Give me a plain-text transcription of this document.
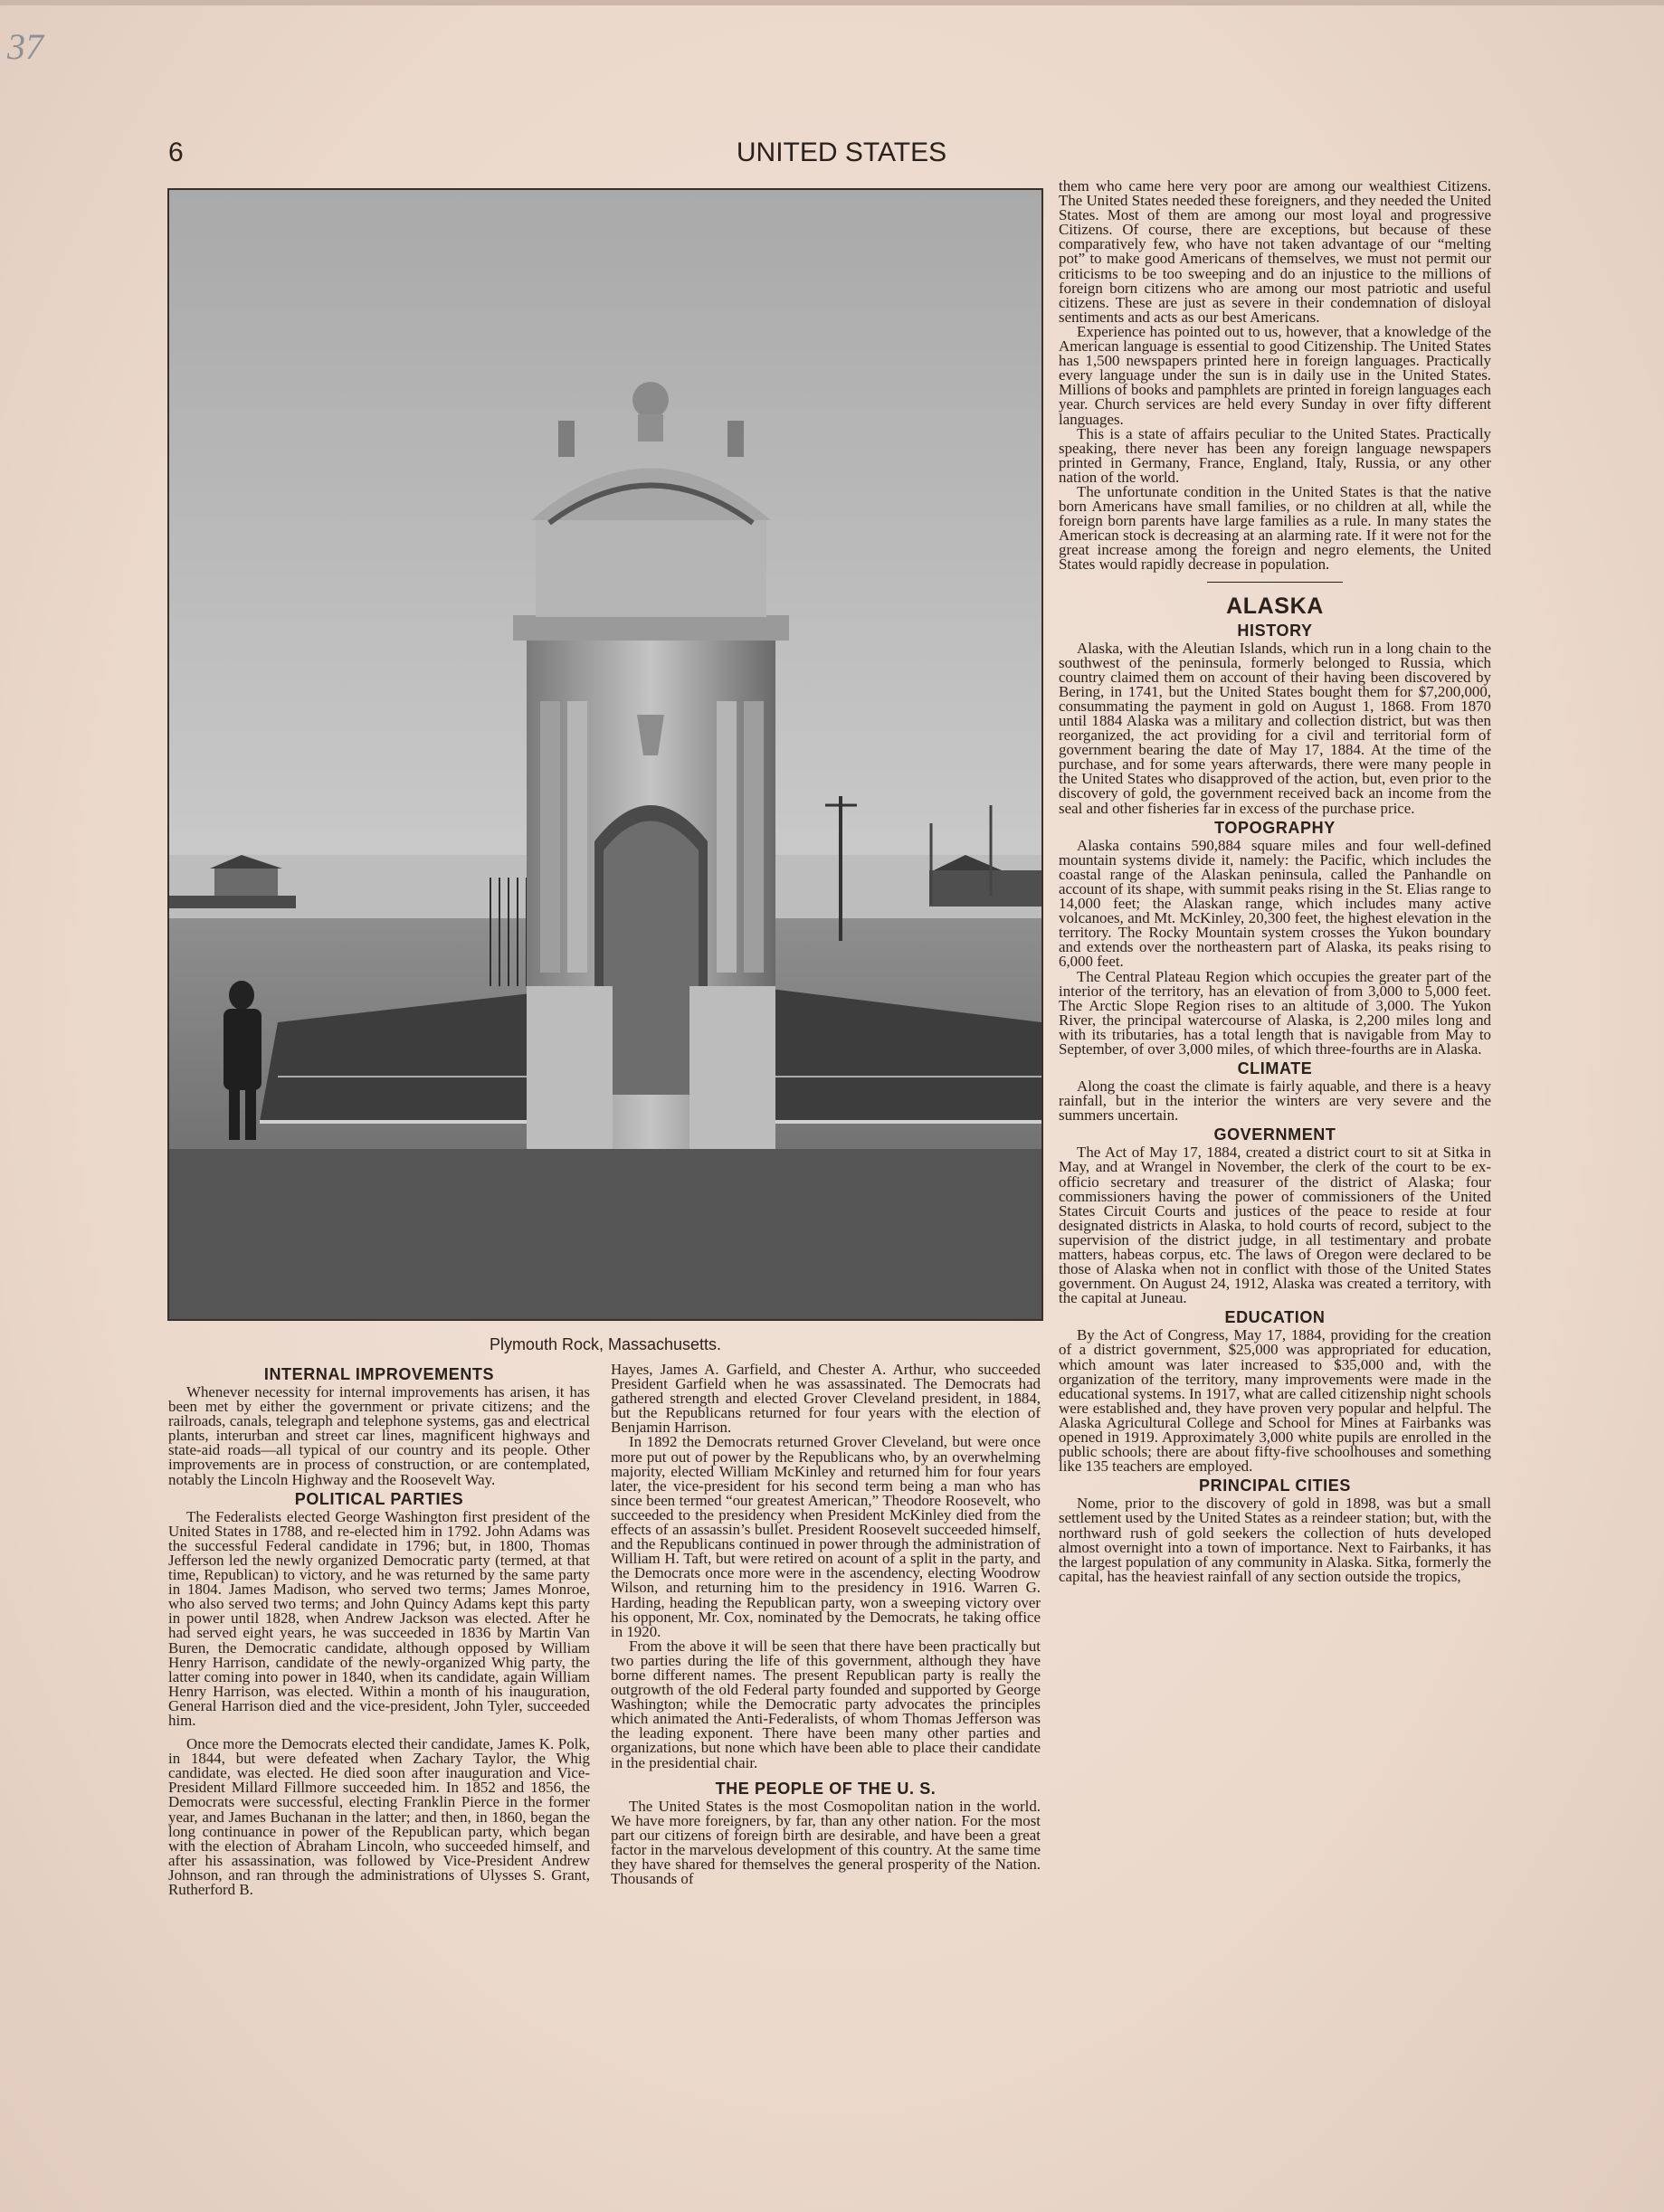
37
6	UNITED STATES
Plymouth Rock, Massachusetts.
INTERNAL IMPROVEMENTS

Whenever necessity for internal improvements has arisen, it has been met by either the government or private citizens; and the railroads, canals, telegraph and telephone systems, gas and electrical plants, interurban and street car lines, magnificent highways and state-aid roads—all typical of our country and its people. Other improvements are in process of construction, or are contemplated, notably the Lincoln Highway and the Roosevelt Way.

POLITICAL PARTIES

The Federalists elected George Washington first president of the United States in 1788, and re-elected him in 1792. John Adams was the successful Federal candidate in 1796; but, in 1800, Thomas Jefferson led the newly organized Democratic party (termed, at that time, Republican) to victory, and he was returned by the same party in 1804. James Madison, who served two terms; James Monroe, who also served two terms; and John Quincy Adams kept this party in power until 1828, when Andrew Jackson was elected. After he had served eight years, he was succeeded in 1836 by Martin Van Buren, the Democratic candidate, although opposed by William Henry Harrison, candidate of the newly-organized Whig party, the latter coming into power in 1840, when its candidate, again William Henry Harrison, was elected. Within a month of his inauguration, General Harrison died and the vice-president, John Tyler, succeeded him.

Once more the Democrats elected their candidate, James K. Polk, in 1844, but were defeated when Zachary Taylor, the Whig candidate, was elected. He died soon after inauguration and Vice-President Millard Fillmore succeeded him. In 1852 and 1856, the Democrats were successful, electing Franklin Pierce in the former year, and James Buchanan in the latter; and then, in 1860, began the long continuance in power of the Republican party, which began with the election of Abraham Lincoln, who succeeded himself, and after his assassination, was followed by Vice-President Andrew Johnson, and ran through the administrations of Ulysses S. Grant, Rutherford B.

Hayes, James A. Garfield, and Chester A. Arthur, who succeeded President Garfield when he was assassinated. The Democrats had gathered strength and elected Grover Cleveland president, in 1884, but the Republicans returned for four years with the election of Benjamin Harrison.

In 1892 the Democrats returned Grover Cleveland, but were once more put out of power by the Republicans who, by an overwhelming majority, elected William McKinley and returned him for four years later, the vice-president for his second term being a man who has since been termed “our greatest American,” Theodore Roosevelt, who succeeded to the presidency when President McKinley died from the effects of an assassin’s bullet. President Roosevelt succeeded himself, and the Republicans continued in power through the administration of William H. Taft, but were retired on acount of a split in the party, and the Democrats once more were in the ascendency, electing Woodrow Wilson, and returning him to the presidency in 1916. Warren G. Harding, heading the Republican party, won a sweeping victory over his opponent, Mr. Cox, nominated by the Democrats, he taking office in 1920.

From the above it will be seen that there have been practically but two parties during the life of this government, although they have borne different names. The present Republican party is really the outgrowth of the old Federal party founded and supported by George Washington; while the Democratic party advocates the principles which animated the Anti-Federalists, of whom Thomas Jefferson was the leading exponent. There have been many other parties and organizations, but none which have been able to place their candidate in the presidential chair.

THE PEOPLE OF THE U. S.

The United States is the most Cosmopolitan nation in the world. We have more foreigners, by far, than any other nation. For the most part our citizens of foreign birth are desirable, and have been a great factor in the marvelous development of this country. At the same time they have shared for themselves the general prosperity of the Nation. Thousands of

them who came here very poor are among our wealthiest Citizens. The United States needed these foreigners, and they needed the United States. Most of them are among our most loyal and progressive Citizens. Of course, there are exceptions, but because of these comparatively few, who have not taken advantage of our “melting pot” to make good Americans of themselves, we must not permit our criticisms to be too sweeping and do an injustice to the millions of foreign born citizens who are among our most patriotic and useful citizens. These are just as severe in their condemnation of disloyal sentiments and acts as our best Americans.

Experience has pointed out to us, however, that a knowledge of the American language is essential to good Citizenship. The United States has 1,500 newspapers printed here in foreign languages. Practically every language under the sun is in daily use in the United States. Millions of books and pamphlets are printed in foreign languages each year. Church services are held every Sunday in over fifty different languages.

This is a state of affairs peculiar to the United States. Practically speaking, there never has been any foreign language newspapers printed in Germany, France, England, Italy, Russia, or any other nation of the world.

The unfortunate condition in the United States is that the native born Americans have small families, or no children at all, while the foreign born parents have large families as a rule. In many states the American stock is decreasing at an alarming rate. If it were not for the great increase among the foreign and negro elements, the United States would rapidly decrease in population.

ALASKA
HISTORY

Alaska, with the Aleutian Islands, which run in a long chain to the southwest of the peninsula, formerly belonged to Russia, which country claimed them on account of their having been discovered by Bering, in 1741, but the United States bought them for $7,200,000, consummating the payment in gold on August 1, 1868. From 1870 until 1884 Alaska was a military and collection district, but was then reorganized, the act providing for a civil and territorial form of government bearing the date of May 17, 1884. At the time of the purchase, and for some years afterwards, there were many people in the United States who disapproved of the action, but, even prior to the discovery of gold, the government received back an income from the seal and other fisheries far in excess of the purchase price.

TOPOGRAPHY

Alaska contains 590,884 square miles and four well-defined mountain systems divide it, namely: the Pacific, which includes the coastal range of the Alaskan peninsula, called the Panhandle on account of its shape, with summit peaks rising in the St. Elias range to 14,000 feet; the Alaskan range, which includes many active volcanoes, and Mt. McKinley, 20,300 feet, the highest elevation in the territory. The Rocky Mountain system crosses the Yukon boundary and extends over the northeastern part of Alaska, its peaks rising to 6,000 feet.

The Central Plateau Region which occupies the greater part of the interior of the territory, has an elevation of from 3,000 to 5,000 feet. The Arctic Slope Region rises to an altitude of 3,000. The Yukon River, the principal watercourse of Alaska, is 2,200 miles long and with its tributaries, has a total length that is navigable from May to September, of over 3,000 miles, of which three-fourths are in Alaska.

CLIMATE

Along the coast the climate is fairly aquable, and there is a heavy rainfall, but in the interior the winters are very severe and the summers uncertain.

GOVERNMENT

The Act of May 17, 1884, created a district court to sit at Sitka in May, and at Wrangel in November, the clerk of the court to be ex-officio secretary and treasurer of the district of Alaska; four commissioners having the power of commissioners of the United States Circuit Courts and justices of the peace to reside at four designated districts in Alaska, to hold courts of record, subject to the supervision of the district judge, in all testimentary and probate matters, habeas corpus, etc. The laws of Oregon were declared to be those of Alaska when not in conflict with those of the United States government. On August 24, 1912, Alaska was created a territory, with the capital at Juneau.

EDUCATION

By the Act of Congress, May 17, 1884, providing for the creation of a district government, $25,000 was appropriated for education, which amount was later increased to $35,000 and, with the organization of the territory, many improvements were made in the educational systems. In 1917, what are called citizenship night schools were established and, they have proven very popular and helpful. The Alaska Agricultural College and School for Mines at Fairbanks was opened in 1919. Approximately 3,000 white pupils are enrolled in the public schools; there are about fifty-five schoolhouses and something like 135 teachers are employed.

PRINCIPAL CITIES

Nome, prior to the discovery of gold in 1898, was but a small settlement used by the United States as a reindeer station; but, with the northward rush of gold seekers the collection of huts developed almost overnight into a town of importance. Next to Fairbanks, it has the largest population of any community in Alaska. Sitka, formerly the capital, has the heaviest rainfall of any section outside the tropics,
